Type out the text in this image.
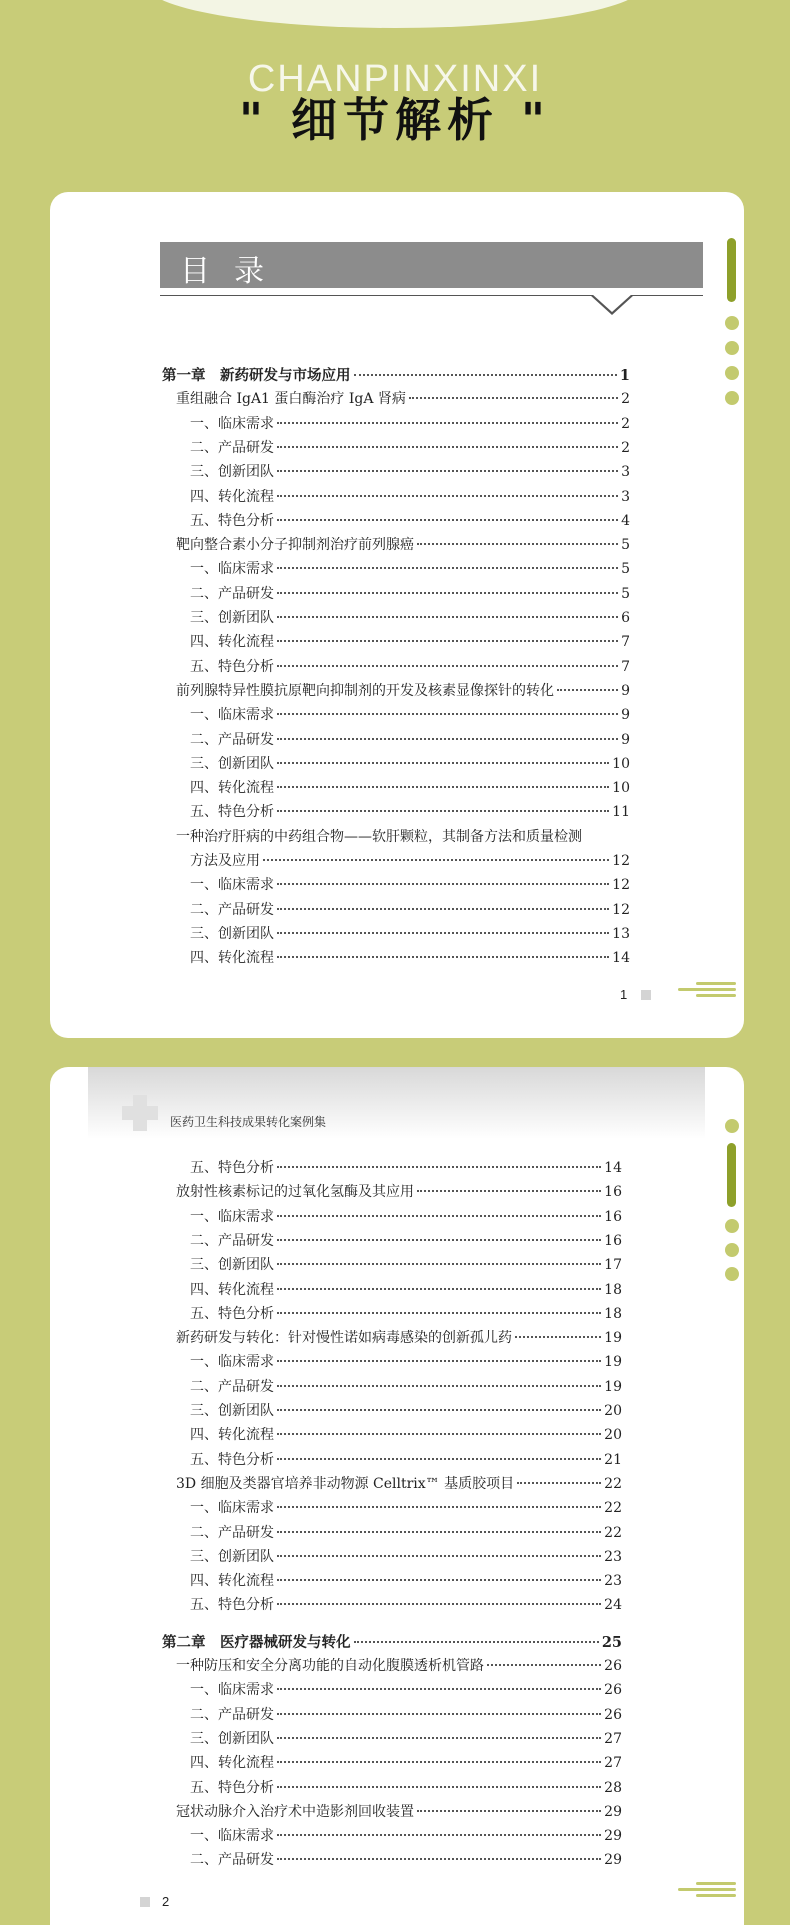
CHANPINXINXI
" 细节解析 "
目录
第一章　新药研发与市场应用	1
重组融合 IgA1 蛋白酶治疗 IgA 肾病	2
一、临床需求	2
二、产品研发	2
三、创新团队	3
四、转化流程	3
五、特色分析	4
靶向整合素小分子抑制剂治疗前列腺癌	5
一、临床需求	5
二、产品研发	5
三、创新团队	6
四、转化流程	7
五、特色分析	7
前列腺特异性膜抗原靶向抑制剂的开发及核素显像探针的转化	9
一、临床需求	9
二、产品研发	9
三、创新团队	10
四、转化流程	10
五、特色分析	11
一种治疗肝病的中药组合物——软肝颗粒，其制备方法和质量检测
方法及应用	12
一、临床需求	12
二、产品研发	12
三、创新团队	13
四、转化流程	14
1
医药卫生科技成果转化案例集
五、特色分析	14
放射性核素标记的过氧化氢酶及其应用	16
一、临床需求	16
二、产品研发	16
三、创新团队	17
四、转化流程	18
五、特色分析	18
新药研发与转化：针对慢性诺如病毒感染的创新孤儿药	19
一、临床需求	19
二、产品研发	19
三、创新团队	20
四、转化流程	20
五、特色分析	21
3D 细胞及类器官培养非动物源 Celltrix™ 基质胶项目	22
一、临床需求	22
二、产品研发	22
三、创新团队	23
四、转化流程	23
五、特色分析	24
第二章　医疗器械研发与转化	25
一种防压和安全分离功能的自动化腹膜透析机管路	26
一、临床需求	26
二、产品研发	26
三、创新团队	27
四、转化流程	27
五、特色分析	28
冠状动脉介入治疗术中造影剂回收装置	29
一、临床需求	29
二、产品研发	29
2
